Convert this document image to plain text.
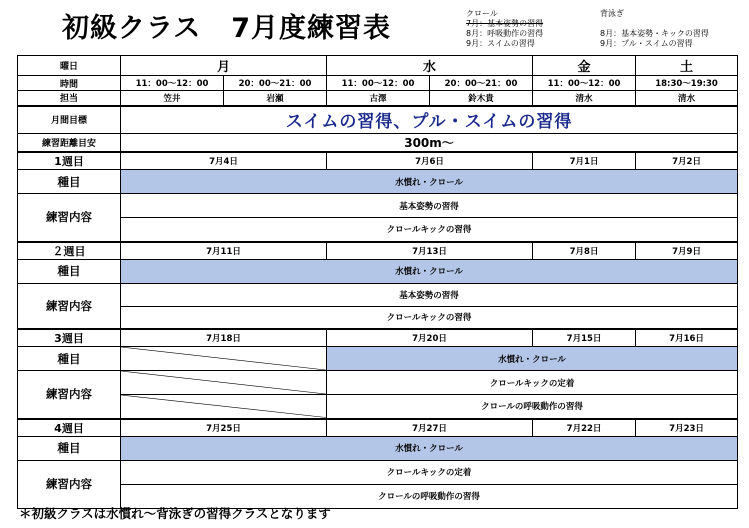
初級クラス 7月度練習表	クロール
7月：基本姿勢の習得
8月：呼吸動作の習得
9月：スイムの習得
背泳ぎ

8月：基本姿勢・キックの習得
9月：プル・スイムの習得
曜日	月		水		金	土
時間	11：00～12：00	20：00～21：00	11：00～12：00	20：00～21：00	11：00～12：00	18:30～19:30
担当	笠井	岩瀬	古澤	鈴木貴	清水	清水
月間目標	スイムの習得、プル・スイムの習得					
練習距離目安	300m～					
1週目	7月4日		7月6日		7月1日	7月2日
種目	水慣れ・クロール					
練習内容	基本姿勢の習得					
	クロールキックの習得					
２週目	7月11日		7月13日		7月8日	7月9日
種目	水慣れ・クロール					
練習内容	基本姿勢の習得					
	クロールキックの習得					
3週目	7月18日		7月20日		7月15日	7月16日
種目			水慣れ・クロール			
練習内容			クロールキックの定着			

	クロールの呼吸動作の習得			
4週目	7月25日		7月27日		7月22日	7月23日
種目	水慣れ・クロール					
練習内容	クロールキックの定着					
	クロールの呼吸動作の習得					
＊初級クラスは水慣れ～背泳ぎの習得クラスとなります
